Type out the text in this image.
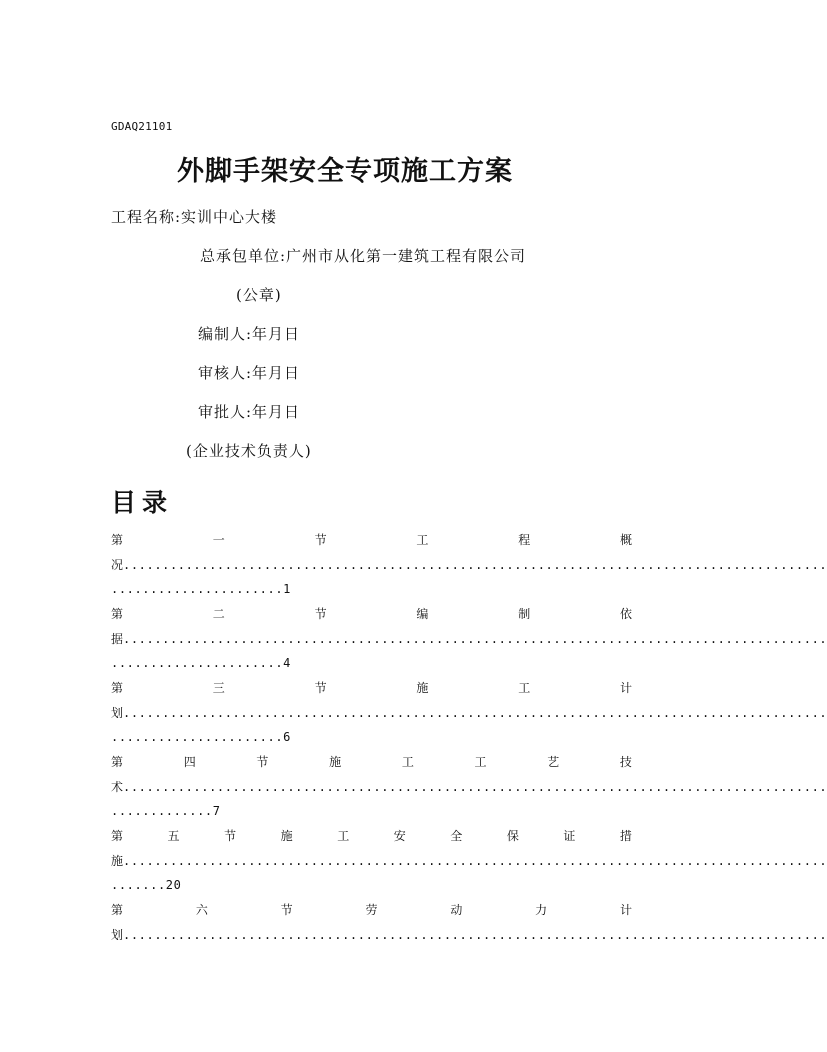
GDAQ21101
外脚手架安全专项施工方案
工程名称:实训中心大楼
总承包单位:广州市从化第一建筑工程有限公司
(公章)
编制人:年月日
审核人:年月日
审批人:年月日
(企业技术负责人)
目录
第	一	节	工	程	概
况..........................................................................................
......................1
第	二	节	编	制	依
据..........................................................................................
......................4
第	三	节	施	工	计
划..........................................................................................
......................6
第	四	节	施	工	工	艺	技
术..........................................................................................
.............7
第	五	节	施	工	安	全	保	证	措
施..........................................................................................
.......20
第	六	节	劳	动	力	计
划..........................................................................................
